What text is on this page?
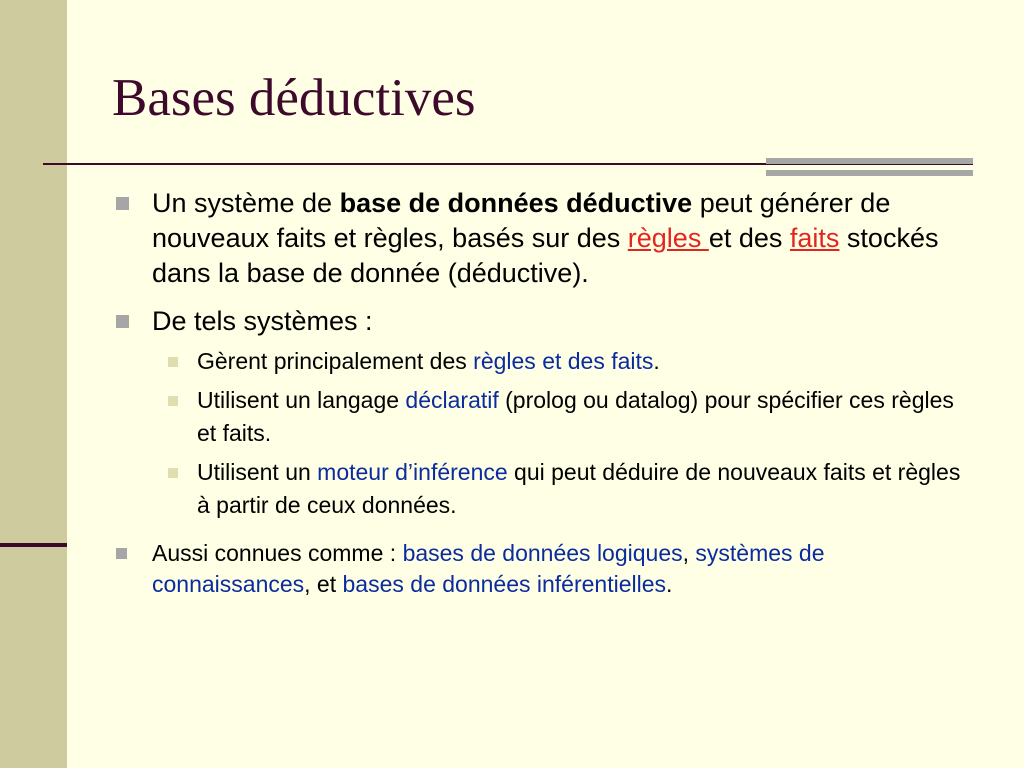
Bases déductives
Un système de base de données déductive peut générer de nouveaux faits et règles, basés sur des règles et des faits stockés dans la base de donnée (déductive).
De tels systèmes :
Gèrent principalement des règles et des faits.
Utilisent un langage déclaratif (prolog ou datalog) pour spécifier ces règles et faits.
Utilisent un moteur d’inférence qui peut déduire de nouveaux faits et règles à partir de ceux données.
Aussi connues comme : bases de données logiques, systèmes de connaissances, et bases de données inférentielles.
